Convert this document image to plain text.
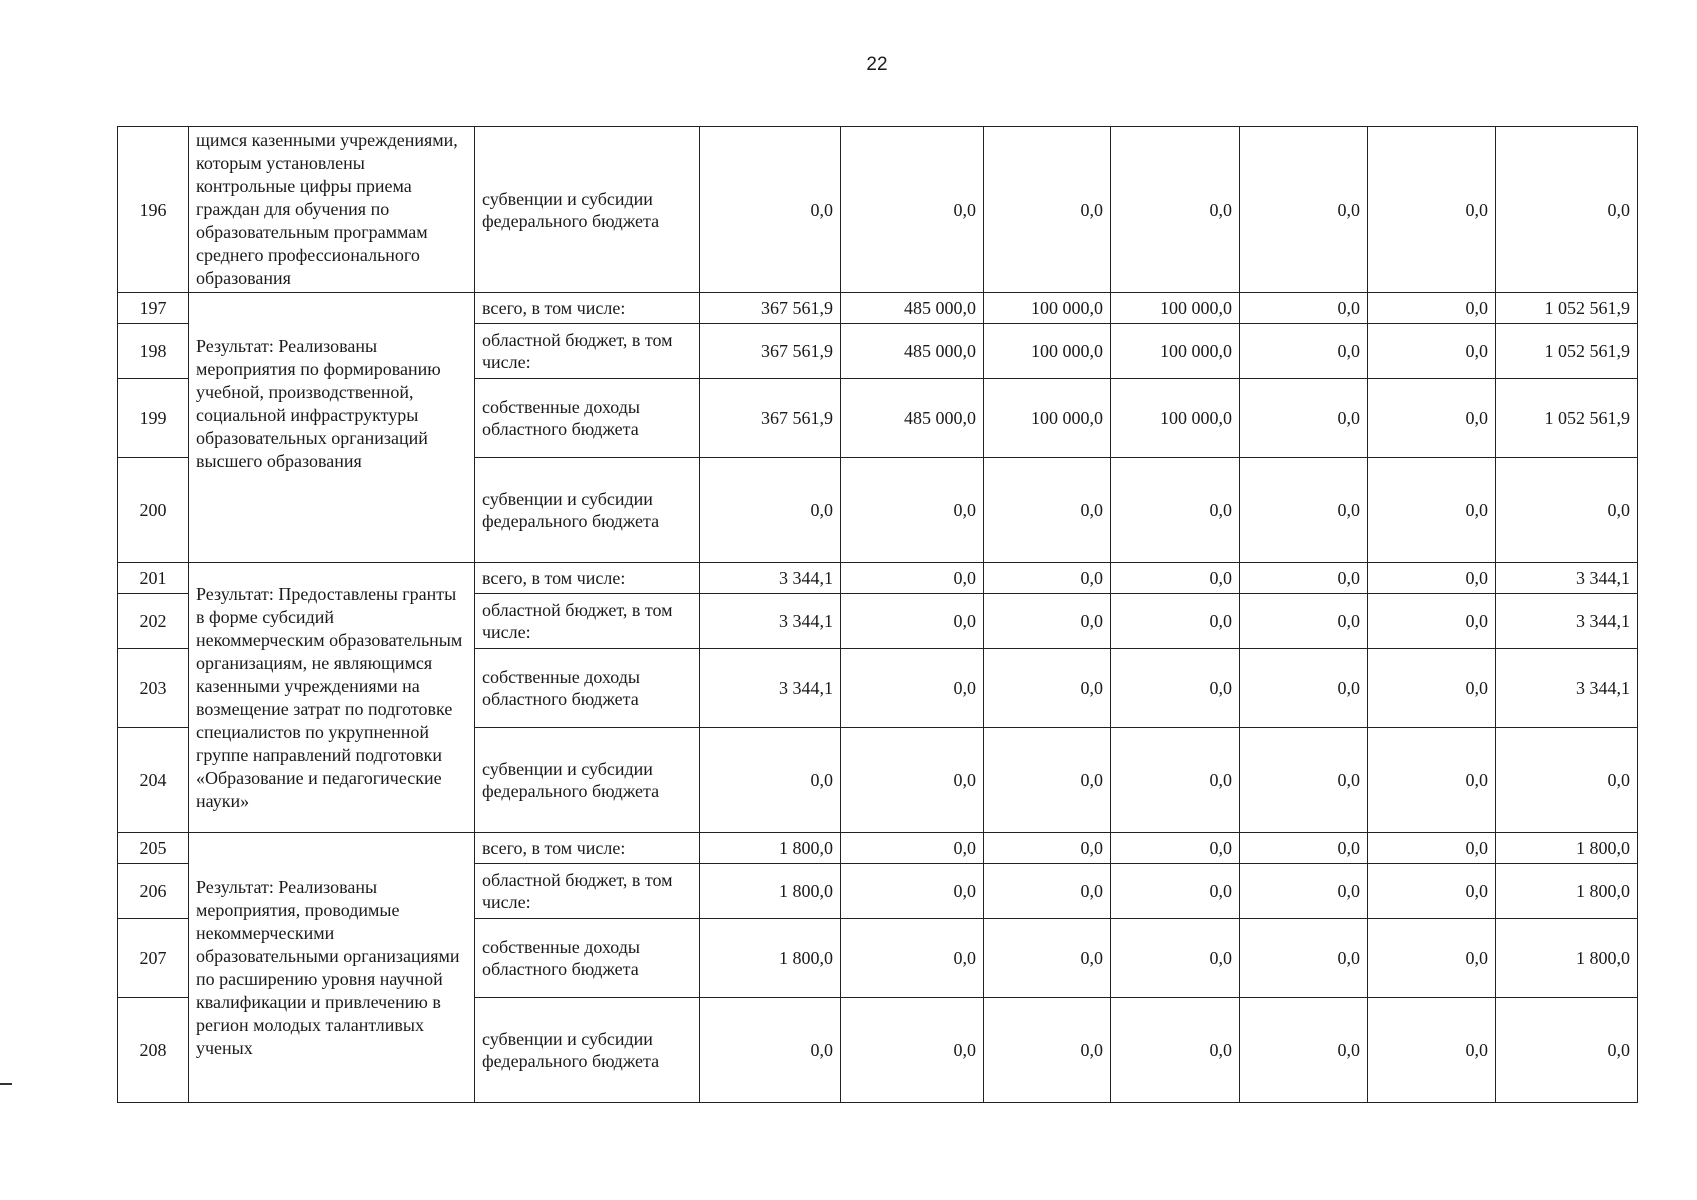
22
196	щимся казенными учреждениями, которым установлены контрольные цифры приема граждан для обучения по образовательным программам среднего профессионального образования	субвенции и субсидии федерального бюджета	0,0	0,0	0,0	0,0	0,0	0,0	0,0
197	Результат: Реализованы мероприятия по формированию учебной, производственной, социальной инфраструктуры образовательных организаций высшего образования	всего, в том числе:	367 561,9	485 000,0	100 000,0	100 000,0	0,0	0,0	1 052 561,9
198		областной бюджет, в том числе:	367 561,9	485 000,0	100 000,0	100 000,0	0,0	0,0	1 052 561,9
199		собственные доходы областного бюджета	367 561,9	485 000,0	100 000,0	100 000,0	0,0	0,0	1 052 561,9
200		субвенции и субсидии федерального бюджета	0,0	0,0	0,0	0,0	0,0	0,0	0,0
201	Результат: Предоставлены гранты в форме субсидий некоммерческим образовательным организациям, не являющимся казенными учреждениями на возмещение затрат по подготовке специалистов по укрупненной группе направлений подготовки «Образование и педагогические науки»	всего, в том числе:	3 344,1	0,0	0,0	0,0	0,0	0,0	3 344,1
202		областной бюджет, в том числе:	3 344,1	0,0	0,0	0,0	0,0	0,0	3 344,1
203		собственные доходы областного бюджета	3 344,1	0,0	0,0	0,0	0,0	0,0	3 344,1
204		субвенции и субсидии федерального бюджета	0,0	0,0	0,0	0,0	0,0	0,0	0,0
205	Результат: Реализованы мероприятия, проводимые некоммерческими образовательными организациями по расширению уровня научной квалификации и привлечению в регион молодых талантливых ученых	всего, в том числе:	1 800,0	0,0	0,0	0,0	0,0	0,0	1 800,0
206		областной бюджет, в том числе:	1 800,0	0,0	0,0	0,0	0,0	0,0	1 800,0
207		собственные доходы областного бюджета	1 800,0	0,0	0,0	0,0	0,0	0,0	1 800,0
208		субвенции и субсидии федерального бюджета	0,0	0,0	0,0	0,0	0,0	0,0	0,0
